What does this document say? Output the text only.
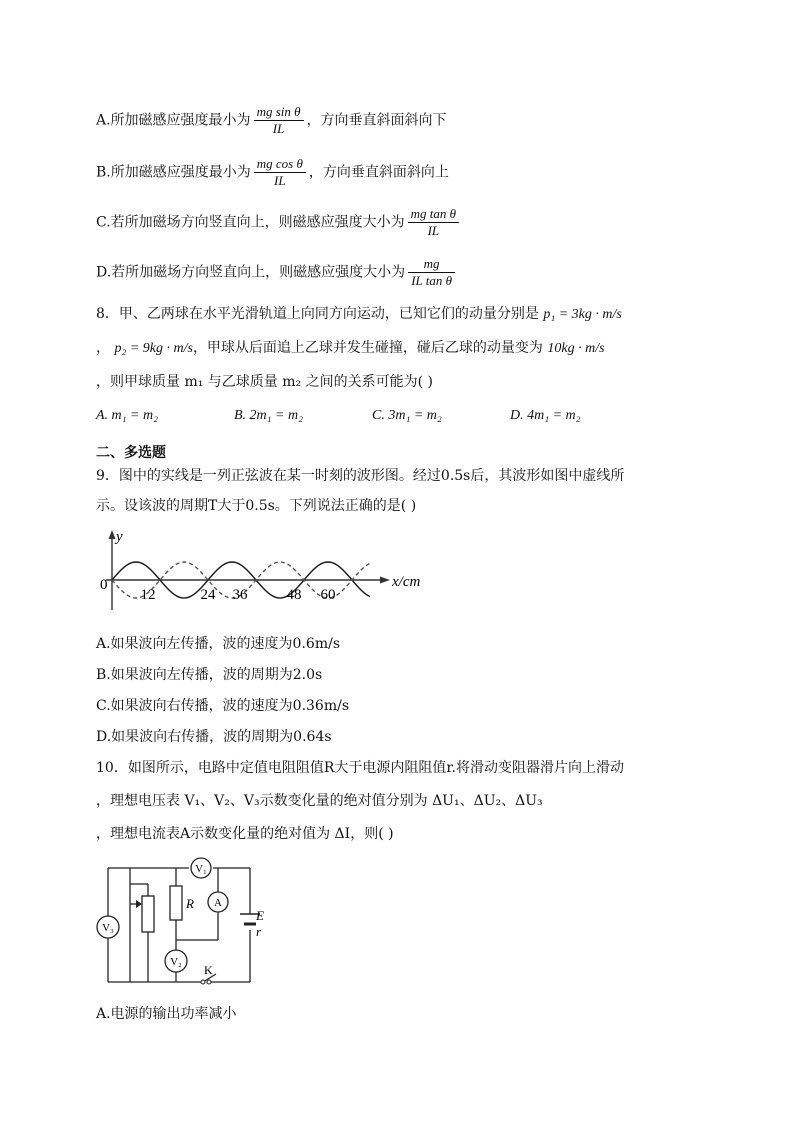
A.所加磁感应强度最小为 $\frac{\text{mg sin θ}}{IL}$ ，方向垂直斜面斜向下
B.所加磁感应强度最小为 $\frac{\text{mg cos θ}}{IL}$ ，方向垂直斜面斜向上
C.若所加磁场方向竖直向上，则磁感应强度大小为 $\frac{\text{mg tan θ}}{IL}$
D.若所加磁场方向竖直向上，则磁感应强度大小为 $\frac{mg}{\text{IL tan θ}}$
8．甲、乙两球在水平光滑轨道上向同方向运动，已知它们的动量分别是 p₁ = 3kg · m/s
， p₂ = 9kg · m/s，甲球从后面追上乙球并发生碰撞，碰后乙球的动量变为 10kg · m/s
，则甲球质量 m₁ 与乙球质量 m₂ 之间的关系可能为( )
A. m₁ = m₂	B. 2m₁ = m₂	C. 3m₁ = m₂	D. 4m₁ = m₂
二、多选题
9．图中的实线是一列正弦波在某一时刻的波形图。经过0.5s后，其波形如图中虚线所
示。设该波的周期T大于0.5s。下列说法正确的是( )
y
0	x/cm
12	24 36	48 60
A.如果波向左传播，波的速度为0.6m/s
B.如果波向左传播，波的周期为2.0s
C.如果波向右传播，波的速度为0.36m/s
D.如果波向右传播，波的周期为0.64s
10．如图所示，电路中定值电阻阻值R大于电源内阻阻值r.将滑动变阻器滑片向上滑动
，理想电压表 V₁、V₂、V₃示数变化量的绝对值分别为 ΔU₁、ΔU₂、ΔU₃
，理想电流表A示数变化量的绝对值为 ΔI，则( )
V₁
A
V₃
V₂
R
E
r
K
A.电源的输出功率减小
